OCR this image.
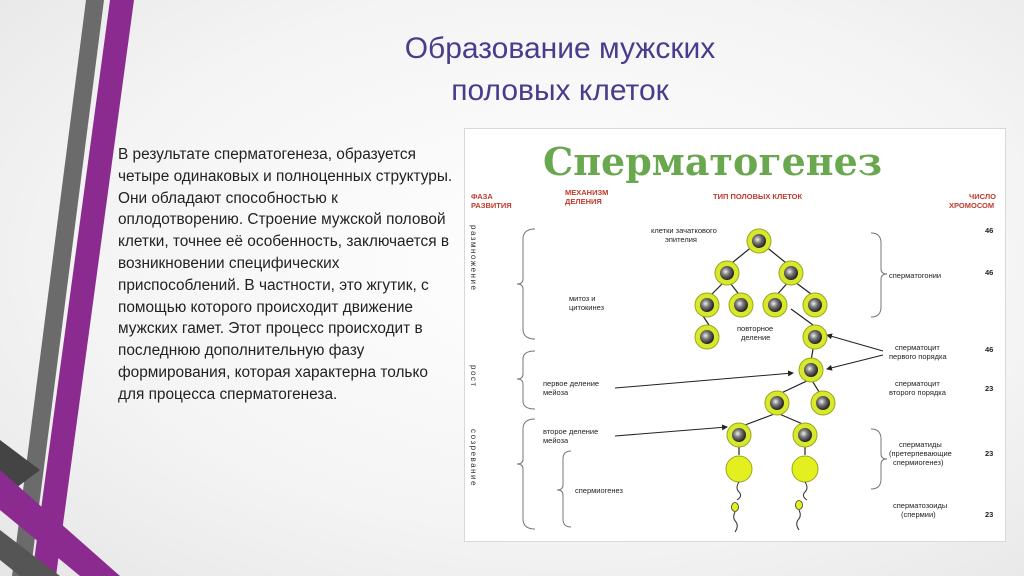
Образование мужских
половых клеток

В результате сперматогенеза, образуется четыре одинаковых и полноценных структуры. Они обладают способностью к оплодотворению. Строение мужской половой клетки, точнее её особенность, заключается в возникновении специфических приспособлений. В частности, это жгутик, с помощью которого происходит движение мужских гамет. Этот процесс происходит в последнюю дополнительную фазу формирования, которая характерна только для процесса сперматогенеза.

Сперматогенез
ФАЗА
РАЗВИТИЯ
МЕХАНИЗМ
ДЕЛЕНИЯ
ТИП ПОЛОВЫХ КЛЕТОК	ЧИСЛО
ХРОМОСОМ
размножение
рост
созревание
клетки зачаткового
эпителия
митоз и
цитокинез
повторное
деление
первое деление
мейоза
второе деление
мейоза
спермиогенез
сперматогонии
сперматоцит
первого порядка
сперматоцит
второго порядка
сперматиды
(претерпевающие
спермиогенез)
сперматозоиды
(спермии)
46
46
46
23
23
23
